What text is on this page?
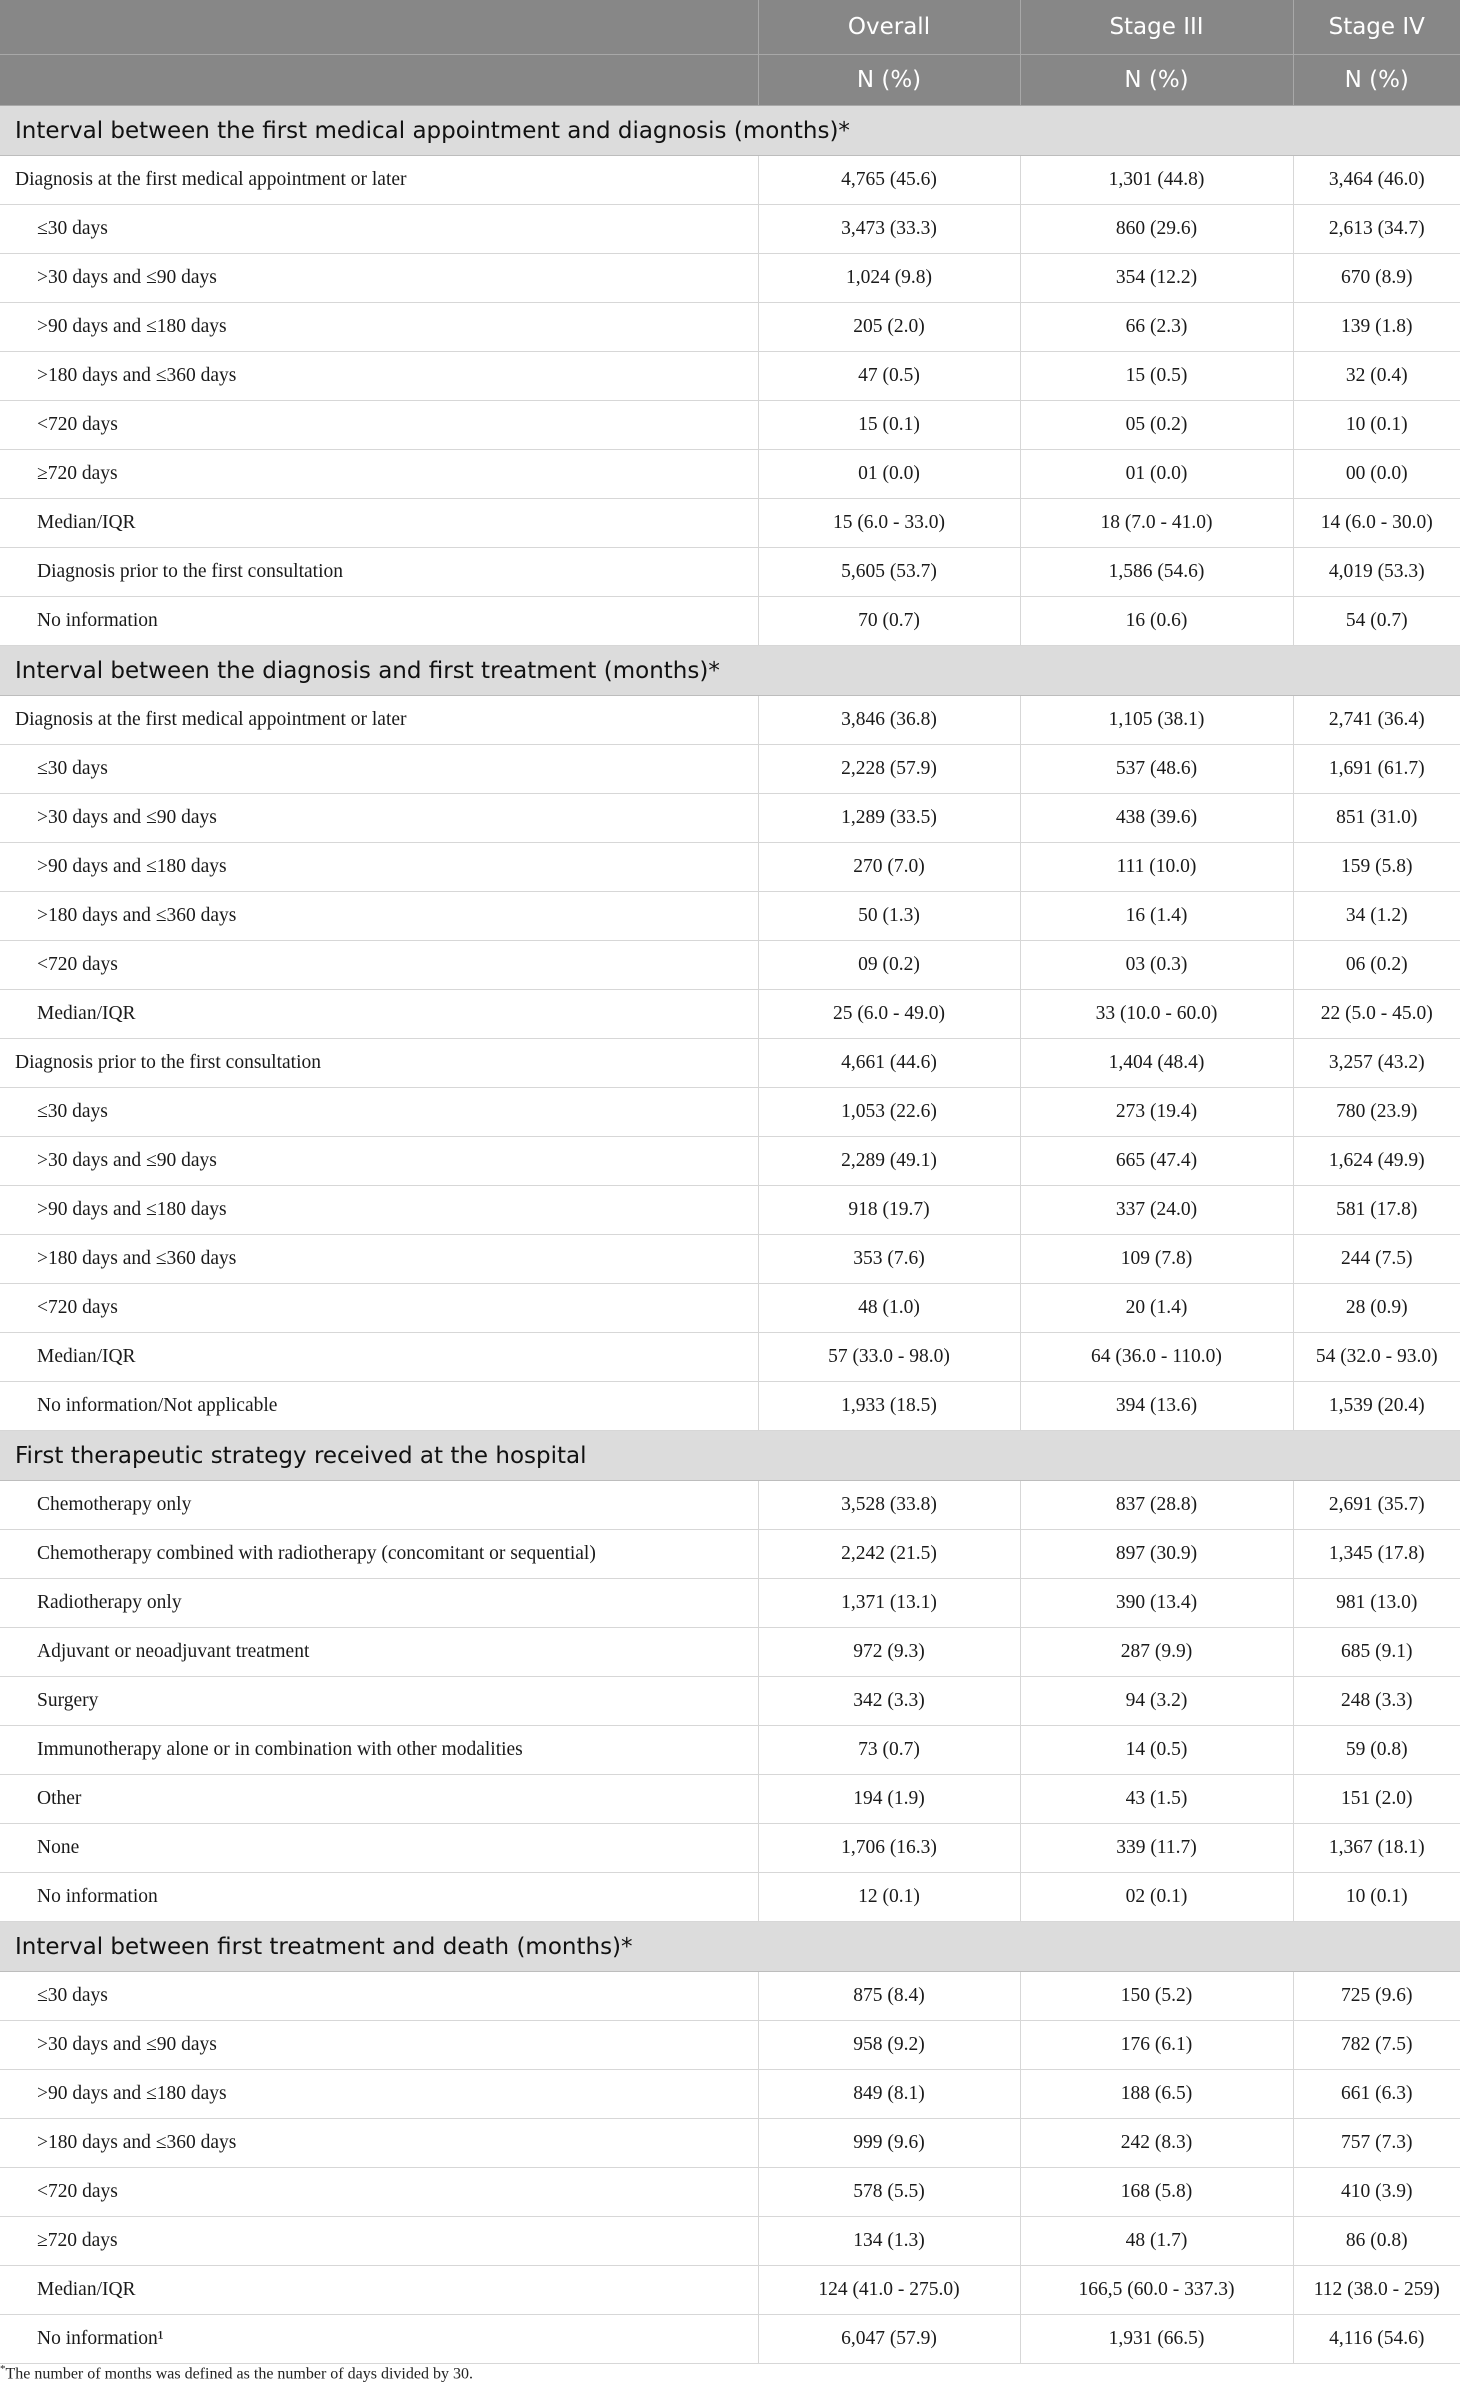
	Overall	Stage III	Stage IV
	N (%)	N (%)	N (%)
Interval between the first medical appointment and diagnosis (months)*			
Diagnosis at the first medical appointment or later	4,765 (45.6)	1,301 (44.8)	3,464 (46.0)
≤30 days	3,473 (33.3)	860 (29.6)	2,613 (34.7)
>30 days and ≤90 days	1,024 (9.8)	354 (12.2)	670 (8.9)
>90 days and ≤180 days	205 (2.0)	66 (2.3)	139 (1.8)
>180 days and ≤360 days	47 (0.5)	15 (0.5)	32 (0.4)
<720 days	15 (0.1)	05 (0.2)	10 (0.1)
≥720 days	01 (0.0)	01 (0.0)	00 (0.0)
Median/IQR	15 (6.0 - 33.0)	18 (7.0 - 41.0)	14 (6.0 - 30.0)
Diagnosis prior to the first consultation	5,605 (53.7)	1,586 (54.6)	4,019 (53.3)
No information	70 (0.7)	16 (0.6)	54 (0.7)
Interval between the diagnosis and first treatment (months)*			
Diagnosis at the first medical appointment or later	3,846 (36.8)	1,105 (38.1)	2,741 (36.4)
≤30 days	2,228 (57.9)	537 (48.6)	1,691 (61.7)
>30 days and ≤90 days	1,289 (33.5)	438 (39.6)	851 (31.0)
>90 days and ≤180 days	270 (7.0)	111 (10.0)	159 (5.8)
>180 days and ≤360 days	50 (1.3)	16 (1.4)	34 (1.2)
<720 days	09 (0.2)	03 (0.3)	06 (0.2)
Median/IQR	25 (6.0 - 49.0)	33 (10.0 - 60.0)	22 (5.0 - 45.0)
Diagnosis prior to the first consultation	4,661 (44.6)	1,404 (48.4)	3,257 (43.2)
≤30 days	1,053 (22.6)	273 (19.4)	780 (23.9)
>30 days and ≤90 days	2,289 (49.1)	665 (47.4)	1,624 (49.9)
>90 days and ≤180 days	918 (19.7)	337 (24.0)	581 (17.8)
>180 days and ≤360 days	353 (7.6)	109 (7.8)	244 (7.5)
<720 days	48 (1.0)	20 (1.4)	28 (0.9)
Median/IQR	57 (33.0 - 98.0)	64 (36.0 - 110.0)	54 (32.0 - 93.0)
No information/Not applicable	1,933 (18.5)	394 (13.6)	1,539 (20.4)
First therapeutic strategy received at the hospital			
Chemotherapy only	3,528 (33.8)	837 (28.8)	2,691 (35.7)
Chemotherapy combined with radiotherapy (concomitant or sequential)	2,242 (21.5)	897 (30.9)	1,345 (17.8)
Radiotherapy only	1,371 (13.1)	390 (13.4)	981 (13.0)
Adjuvant or neoadjuvant treatment	972 (9.3)	287 (9.9)	685 (9.1)
Surgery	342 (3.3)	94 (3.2)	248 (3.3)
Immunotherapy alone or in combination with other modalities	73 (0.7)	14 (0.5)	59 (0.8)
Other	194 (1.9)	43 (1.5)	151 (2.0)
None	1,706 (16.3)	339 (11.7)	1,367 (18.1)
No information	12 (0.1)	02 (0.1)	10 (0.1)
Interval between first treatment and death (months)*			
≤30 days	875 (8.4)	150 (5.2)	725 (9.6)
>30 days and ≤90 days	958 (9.2)	176 (6.1)	782 (7.5)
>90 days and ≤180 days	849 (8.1)	188 (6.5)	661 (6.3)
>180 days and ≤360 days	999 (9.6)	242 (8.3)	757 (7.3)
<720 days	578 (5.5)	168 (5.8)	410 (3.9)
≥720 days	134 (1.3)	48 (1.7)	86 (0.8)
Median/IQR	124 (41.0 - 275.0)	166,5 (60.0 - 337.3)	112 (38.0 - 259)
No information¹	6,047 (57.9)	1,931 (66.5)	4,116 (54.6)
*The number of months was defined as the number of days divided by 30.
